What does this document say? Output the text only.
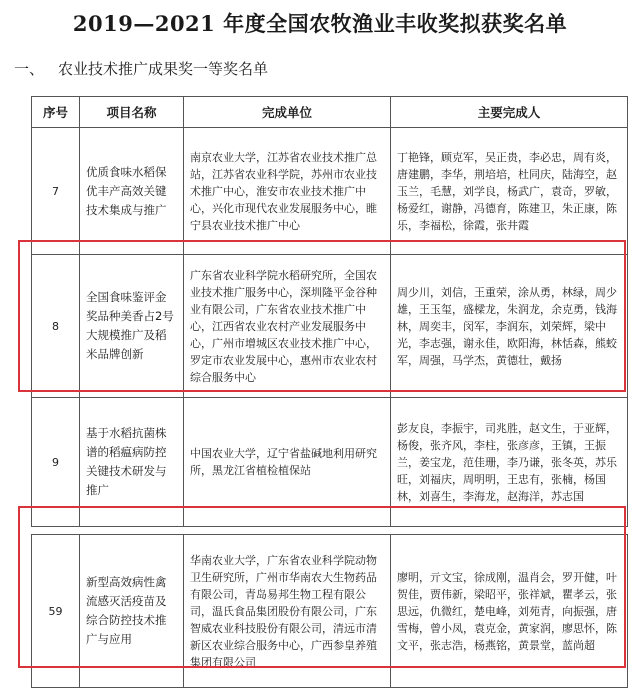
2019—2021 年度全国农牧渔业丰收奖拟获奖名单
一、 农业技术推广成果奖一等奖名单
序号	项目名称	完成单位	主要完成人
7	优质食味水稻保优丰产高效关键技术集成与推广	南京农业大学，江苏省农业技术推广总站，江苏省农业科学院，苏州市农业技术推广中心，淮安市农业技术推广中心，兴化市现代农业发展服务中心，睢宁县农业技术推广中心	丁艳锋，顾克军，吴正贵，李必忠，周有炎，唐建鹏，李华，荆培培，杜同庆，陆海空，赵玉兰，毛慧，刘学良，杨武广，袁奇，罗敏，杨爱红，谢静，冯德育，陈建卫，朱正康，陈乐，李福松，徐霞，张井霞
8	全国食味鉴评金奖品种美香占2号大规模推广及稻米品牌创新	广东省农业科学院水稻研究所，全国农业技术推广服务中心，深圳隆平金谷种业有限公司，广东省农业技术推广中心，江西省农业农村产业发展服务中心，广州市增城区农业技术推广中心，罗定市农业发展中心，惠州市农业农村综合服务中心	周少川，刘信，王重荣，涂从勇，林绿，周少雄，王玉玺，盛樑龙，朱润龙，余克勇，钱海林，周奕丰，闵军，李润东，刘荣辉，梁中光，李志强，谢永佳，欧阳海，林恬森，熊蛟军，周强，马学杰，黄德壮，戴扬
9	基于水稻抗菌株谱的稻瘟病防控关键技术研发与推广	中国农业大学，辽宁省盐碱地利用研究所，黑龙江省植检植保站	彭友良，李振宇，司兆胜，赵文生，于亚辉，杨俊，张齐风，李柱，张彦彦，王镇，王振兰，姜宝龙，范佳珊，李乃谦，张冬英，苏乐旺，刘福庆，周明明，王忠有，张楠，杨国林，刘喜生，李海龙，赵海洋，苏志国

59	新型高效病性禽流感灭活疫苗及综合防控技术推广与应用	华南农业大学，广东省农业科学院动物卫生研究所，广州市华南农大生物药品有限公司，青岛易邦生物工程有限公司，温氏食品集团股份有限公司，广东智威农业科技股份有限公司，清远市清新区农业综合服务中心，广西参皇养殖集团有限公司	廖明，亓文宝，徐成刚，温肖会，罗开健，叶贺佳，贾伟新，梁昭平，张祥斌，瞿孝云，张思远，仇微红，楚电峰，刘苑青，向振强，唐雪梅，曾小凤，袁克金，黄家润，廖思怀，陈文平，张志浩，杨燕铭，黄景堂，蓝尚超
